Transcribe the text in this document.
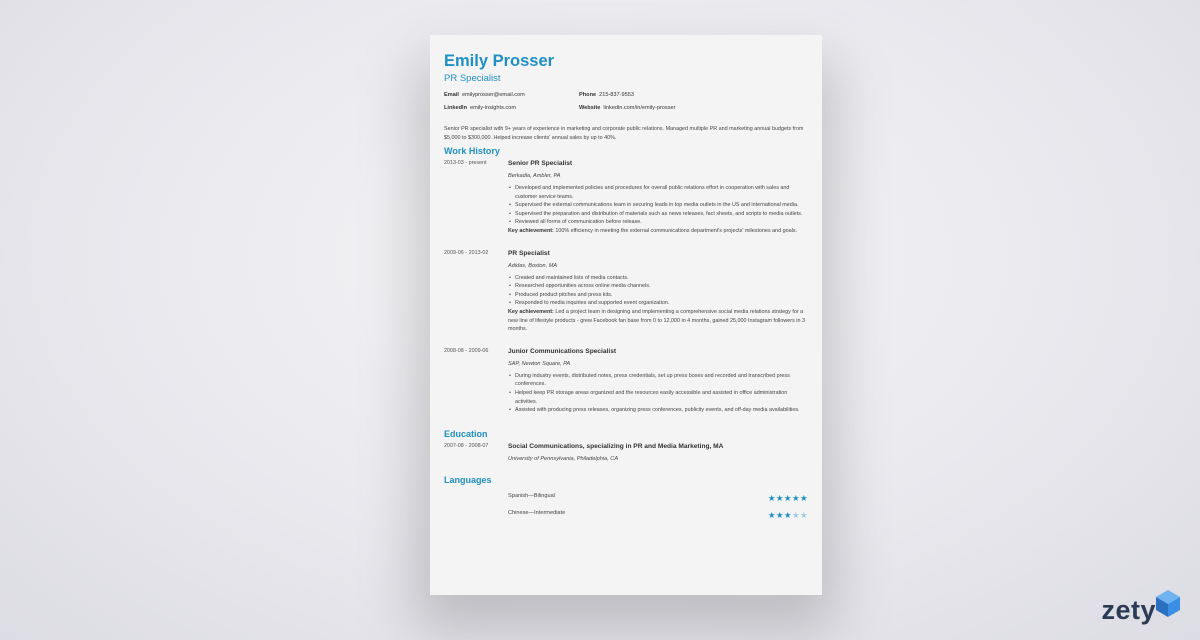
Emily Prosser
PR Specialist
Email emilyprosser@email.com	Phone 215-837-9553
LinkedIn emily-insights.com	Website linkedin.com/in/emily-prosser
Senior PR specialist with 9+ years of experience in marketing and corporate public relations. Managed multiple PR and marketing annual budgets from $5,000 to $300,000. Helped increase clients' annual sales by up to 40%.
Work History
2013-03 - present	Senior PR Specialist
Berkadia, Ambler, PA
• Developed and implemented policies and procedures for overall public relations effort in cooperation with sales and customer service teams.
• Supervised the external communications team in securing leads in top media outlets in the US and international media.
• Supervised the preparation and distribution of materials such as news releases, fact sheets, and scripts to media outlets.
• Reviewed all forms of communication before release.
Key achievement: 100% efficiency in meeting the external communications department's projects' milestones and goals.
2009-06 - 2013-02	PR Specialist
Adidas, Boston, MA
• Created and maintained lists of media contacts.
• Researched opportunities across online media channels.
• Produced product pitches and press kits.
• Responded to media inquiries and supported event organization.
Key achievement: Led a project team in designing and implementing a comprehensive social media relations strategy for a new line of lifestyle products - grew Facebook fan base from 0 to 12,000 in 4 months, gained 25,000 Instagram followers in 3 months.
2008-08 - 2009-06	Junior Communications Specialist
SAP, Newton Square, PA
• During industry events, distributed notes, press credentials, set up press boxes and recorded and transcribed press conferences.
• Helped keep PR storage areas organized and the resources easily accessible and assisted in office administration activities.
• Assisted with producing press releases, organizing press conferences, publicity events, and off-day media availabilities.
Education
2007-08 - 2008-07	Social Communications, specializing in PR and Media Marketing, MA
University of Pennsylvania, Philadelphia, CA
Languages
Spanish—Bilingual	★★★★★
Chinese—Intermediate	★★★★★
zety
